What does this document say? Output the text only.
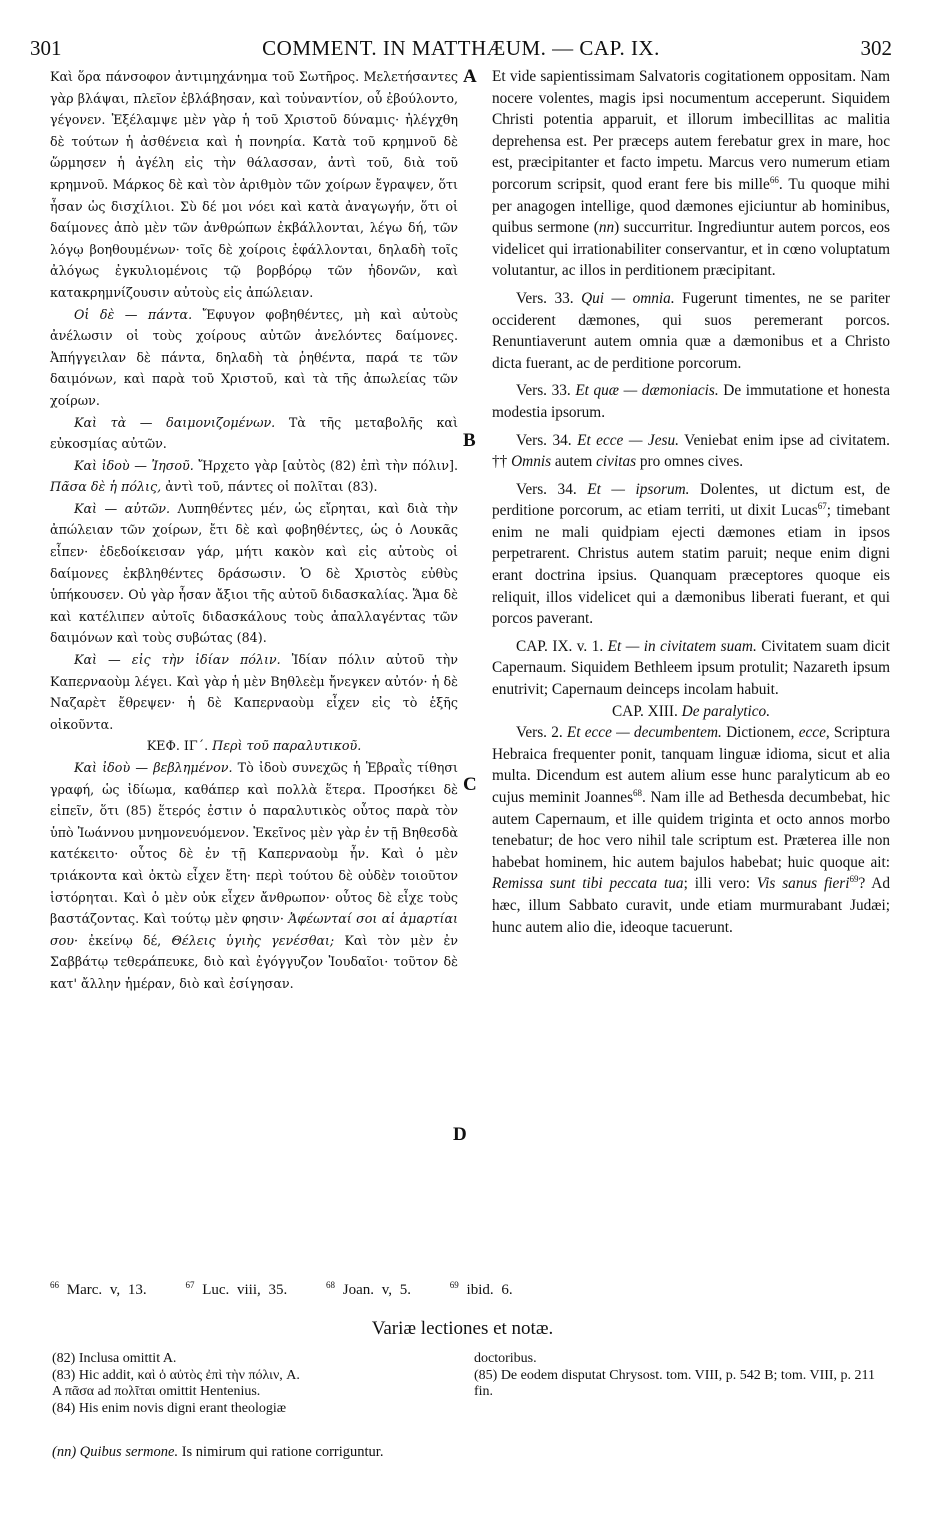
301	COMMENT. IN MATTHÆUM. — CAP. IX.	302
A
B
C
D

Καὶ ὅρα πάνσοφον ἀντιμηχάνημα τοῦ Σωτῆρος. Μελετήσαντες γὰρ βλάψαι, πλεῖον ἐβλάβησαν, καὶ τοὐναντίον, οὗ ἐβούλοντο, γέγονεν. Ἐξέλαμψε μὲν γὰρ ἡ τοῦ Χριστοῦ δύναμις· ἠλέγχθη δὲ τούτων ἡ ἀσθένεια καὶ ἡ πονηρία. Κατὰ τοῦ κρημνοῦ δὲ ὥρμησεν ἡ ἀγέλη εἰς τὴν θάλασσαν, ἀντὶ τοῦ, διὰ τοῦ κρημνοῦ. Μάρκος δὲ καὶ τὸν ἀριθμὸν τῶν χοίρων ἔγραψεν, ὅτι ἦσαν ὡς δισχίλιοι. Σὺ δέ μοι νόει καὶ κατὰ ἀναγωγήν, ὅτι οἱ δαίμονες ἀπὸ μὲν τῶν ἀνθρώπων ἐκβάλλονται, λέγω δή, τῶν λόγῳ βοηθουμένων· τοῖς δὲ χοίροις ἐφάλλονται, δηλαδὴ τοῖς ἀλόγως ἐγκυλιομένοις τῷ βορβόρῳ τῶν ἡδονῶν, καὶ κατακρημνίζουσιν αὐτοὺς εἰς ἀπώλειαν.

Οἱ δὲ — πάντα. Ἔφυγον φοβηθέντες, μὴ καὶ αὐτοὺς ἀνέλωσιν οἱ τοὺς χοίρους αὐτῶν ἀνελόντες δαίμονες. Ἀπήγγειλαν δὲ πάντα, δηλαδὴ τὰ ῥηθέντα, παρά τε τῶν δαιμόνων, καὶ παρὰ τοῦ Χριστοῦ, καὶ τὰ τῆς ἀπωλείας τῶν χοίρων.

Καὶ τὰ — δαιμονιζομένων. Τὰ τῆς μεταβολῆς καὶ εὐκοσμίας αὐτῶν.

Καὶ ἰδοὺ — Ἰησοῦ. Ἤρχετο γὰρ [αὐτὸς (82) ἐπὶ τὴν πόλιν]. Πᾶσα δὲ ἡ πόλις, ἀντὶ τοῦ, πάντες οἱ πολῖται (83).

Καὶ — αὐτῶν. Λυπηθέντες μέν, ὡς εἴρηται, καὶ διὰ τὴν ἀπώλειαν τῶν χοίρων, ἔτι δὲ καὶ φοβηθέντες, ὡς ὁ Λουκᾶς εἶπεν· ἐδεδοίκεισαν γάρ, μήτι κακὸν καὶ εἰς αὐτοὺς οἱ δαίμονες ἐκβληθέντες δράσωσιν. Ὁ δὲ Χριστὸς εὐθὺς ὑπήκουσεν. Οὐ γὰρ ἦσαν ἄξιοι τῆς αὐτοῦ διδασκαλίας. Ἅμα δὲ καὶ κατέλιπεν αὐτοῖς διδασκάλους τοὺς ἀπαλλαγέντας τῶν δαιμόνων καὶ τοὺς συβώτας (84).

Καὶ — εἰς τὴν ἰδίαν πόλιν. Ἰδίαν πόλιν αὐτοῦ τὴν Καπερναοὺμ λέγει. Καὶ γὰρ ἡ μὲν Βηθλεὲμ ἤνεγκεν αὐτόν· ἡ δὲ Ναζαρὲτ ἔθρεψεν· ἡ δὲ Καπερναοὺμ εἶχεν εἰς τὸ ἑξῆς οἰκοῦντα.

ΚΕΦ. ΙΓ΄. Περὶ τοῦ παραλυτικοῦ.

Καὶ ἰδοὺ — βεβλημένον. Τὸ ἰδοὺ συνεχῶς ἡ Ἑβραῒς τίθησι γραφή, ὡς ἰδίωμα, καθάπερ καὶ πολλὰ ἕτερα. Προσήκει δὲ εἰπεῖν, ὅτι (85) ἕτερός ἐστιν ὁ παραλυτικὸς οὗτος παρὰ τὸν ὑπὸ Ἰωάννου μνημονευόμενον. Ἐκεῖνος μὲν γὰρ ἐν τῇ Βηθεσδὰ κατέκειτο· οὗτος δὲ ἐν τῇ Καπερναοὺμ ἦν. Καὶ ὁ μὲν τριάκοντα καὶ ὀκτὼ εἶχεν ἔτη· περὶ τούτου δὲ οὐδὲν τοιοῦτον ἱστόρηται. Καὶ ὁ μὲν οὐκ εἶχεν ἄνθρωπον· οὗτος δὲ εἶχε τοὺς βαστάζοντας. Καὶ τούτῳ μὲν φησιν· Ἀφέωνταί σοι αἱ ἁμαρτίαι σου· ἐκείνῳ δέ, Θέλεις ὑγιὴς γενέσθαι; Καὶ τὸν μὲν ἐν Σαββάτῳ τεθεράπευκε, διὸ καὶ ἐγόγγυζον Ἰουδαῖοι· τοῦτον δὲ κατ' ἄλλην ἡμέραν, διὸ καὶ ἐσίγησαν.

Et vide sapientissimam Salvatoris cogitationem oppositam. Nam nocere volentes, magis ipsi nocumentum acceperunt. Siquidem Christi potentia apparuit, et illorum imbecillitas ac malitia deprehensa est. Per præceps autem ferebatur grex in mare, hoc est, præcipitanter et facto impetu. Marcus vero numerum etiam porcorum scripsit, quod erant fere bis mille$^{66}$. Tu quoque mihi per anagogen intellige, quod dæmones ejiciuntur ab hominibus, quibus sermone (nn) succurritur. Ingrediuntur autem porcos, eos videlicet qui irrationabiliter conservantur, et in cœno voluptatum volutantur, ac illos in perditionem præcipitant.

Vers. 33. Qui — omnia. Fugerunt timentes, ne se pariter occiderent dæmones, qui suos peremerant porcos. Renuntiaverunt autem omnia quæ a dæmonibus et a Christo dicta fuerant, ac de perditione porcorum.

Vers. 33. Et quæ — dæmoniacis. De immutatione et honesta modestia ipsorum.

Vers. 34. Et ecce — Jesu. Veniebat enim ipse ad civitatem. †† Omnis autem civitas pro omnes cives.

Vers. 34. Et — ipsorum. Dolentes, ut dictum est, de perditione porcorum, ac etiam territi, ut dixit Lucas$^{67}$; timebant enim ne mali quidpiam ejecti dæmones etiam in ipsos perpetrarent. Christus autem statim paruit; neque enim digni erant doctrina ipsius. Quanquam præceptores quoque eis reliquit, illos videlicet qui a dæmonibus liberati fuerant, et qui porcos paverant.

CAP. IX. v. 1. Et — in civitatem suam. Civitatem suam dicit Capernaum. Siquidem Bethleem ipsum protulit; Nazareth ipsum enutrivit; Capernaum deinceps incolam habuit.

CAP. XIII. De paralytico.

Vers. 2. Et ecce — decumbentem. Dictionem, ecce, Scriptura Hebraica frequenter ponit, tanquam linguæ idioma, sicut et alia multa. Dicendum est autem alium esse hunc paralyticum ab eo cujus meminit Joannes$^{68}$. Nam ille ad Bethesda decumbebat, hic autem Capernaum, et ille quidem triginta et octo annos morbo tenebatur; de hoc vero nihil tale scriptum est. Præterea ille non habebat hominem, hic autem bajulos habebat; huic quoque ait: Remissa sunt tibi peccata tua; illi vero: Vis sanus fieri$^{69}$? Ad hæc, illum Sabbato curavit, unde etiam murmurabant Judæi; hunc autem alio die, ideoque tacuerunt.

$^{66}$ Marc. v, 13.	$^{67}$ Luc. viii, 35.	$^{68}$ Joan. v, 5.	$^{69}$ ibid. 6.
Variæ lectiones et notæ.

(82) Inclusa omittit A.

(83) Hic addit, καὶ ὁ αὐτὸς ἐπὶ τὴν πόλιν, A.

A πᾶσα ad πολῖται omittit Hentenius.

(84) His enim novis digni erant theologiæ

doctoribus.

(85) De eodem disputat Chrysost. tom. VIII, p. 542 B; tom. VIII, p. 211 fin.

(nn) Quibus sermone. Is nimirum qui ratione corriguntur.
